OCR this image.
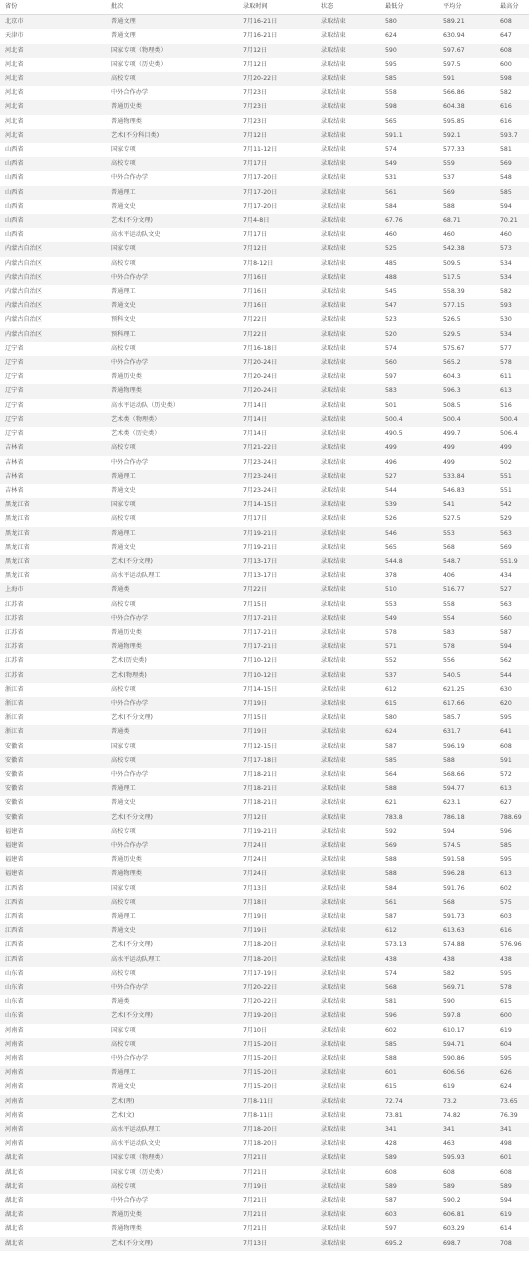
省份	批次	录取时间	状态	最低分	平均分	最高分
北京市	普通文理	7月16-21日	录取结束	580	589.21	608
天津市	普通文理	7月16-21日	录取结束	624	630.94	647
河北省	国家专项（物理类）	7月12日	录取结束	590	597.67	608
河北省	国家专项（历史类）	7月12日	录取结束	595	597.5	600
河北省	高校专项	7月20-22日	录取结束	585	591	598
河北省	中外合作办学	7月23日	录取结束	558	566.86	582
河北省	普通历史类	7月23日	录取结束	598	604.38	616
河北省	普通物理类	7月23日	录取结束	565	595.85	616
河北省	艺术(不分科目类)	7月12日	录取结束	591.1	592.1	593.7
山西省	国家专项	7月11-12日	录取结束	574	577.33	581
山西省	高校专项	7月17日	录取结束	549	559	569
山西省	中外合作办学	7月17-20日	录取结束	531	537	548
山西省	普通理工	7月17-20日	录取结束	561	569	585
山西省	普通文史	7月17-20日	录取结束	584	588	594
山西省	艺术(不分文理)	7月4-8日	录取结束	67.76	68.71	70.21
山西省	高水平运动队文史	7月17日	录取结束	460	460	460
内蒙古自治区	国家专项	7月12日	录取结束	525	542.38	573
内蒙古自治区	高校专项	7月8-12日	录取结束	485	509.5	534
内蒙古自治区	中外合作办学	7月16日	录取结束	488	517.5	534
内蒙古自治区	普通理工	7月16日	录取结束	545	558.39	582
内蒙古自治区	普通文史	7月16日	录取结束	547	577.15	593
内蒙古自治区	预科文史	7月22日	录取结束	523	526.5	530
内蒙古自治区	预科理工	7月22日	录取结束	520	529.5	534
辽宁省	高校专项	7月16-18日	录取结束	574	575.67	577
辽宁省	中外合作办学	7月20-24日	录取结束	560	565.2	578
辽宁省	普通历史类	7月20-24日	录取结束	597	604.3	611
辽宁省	普通物理类	7月20-24日	录取结束	583	596.3	613
辽宁省	高水平运动队（历史类）	7月14日	录取结束	501	508.5	516
辽宁省	艺术类（物理类）	7月14日	录取结束	500.4	500.4	500.4
辽宁省	艺术类（历史类）	7月14日	录取结束	490.5	499.7	506.4
吉林省	高校专项	7月21-22日	录取结束	499	499	499
吉林省	中外合作办学	7月23-24日	录取结束	496	499	502
吉林省	普通理工	7月23-24日	录取结束	527	533.84	551
吉林省	普通文史	7月23-24日	录取结束	544	546.83	551
黑龙江省	国家专项	7月14-15日	录取结束	539	541	542
黑龙江省	高校专项	7月17日	录取结束	526	527.5	529
黑龙江省	普通理工	7月19-21日	录取结束	546	553	563
黑龙江省	普通文史	7月19-21日	录取结束	565	568	569
黑龙江省	艺术(不分文理)	7月13-17日	录取结束	544.8	548.7	551.9
黑龙江省	高水平运动队理工	7月13-17日	录取结束	378	406	434
上海市	普通类	7月22日	录取结束	510	516.77	527
江苏省	高校专项	7月15日	录取结束	553	558	563
江苏省	中外合作办学	7月17-21日	录取结束	549	554	560
江苏省	普通历史类	7月17-21日	录取结束	578	583	587
江苏省	普通物理类	7月17-21日	录取结束	571	578	594
江苏省	艺术(历史类)	7月10-12日	录取结束	552	556	562
江苏省	艺术(物理类)	7月10-12日	录取结束	537	540.5	544
浙江省	高校专项	7月14-15日	录取结束	612	621.25	630
浙江省	中外合作办学	7月19日	录取结束	615	617.66	620
浙江省	艺术(不分文理)	7月15日	录取结束	580	585.7	595
浙江省	普通类	7月19日	录取结束	624	631.7	641
安徽省	国家专项	7月12-15日	录取结束	587	596.19	608
安徽省	高校专项	7月17-18日	录取结束	585	588	591
安徽省	中外合作办学	7月18-21日	录取结束	564	568.66	572
安徽省	普通理工	7月18-21日	录取结束	588	594.77	613
安徽省	普通文史	7月18-21日	录取结束	621	623.1	627
安徽省	艺术(不分文理)	7月12日	录取结束	783.8	786.18	788.69
福建省	高校专项	7月19-21日	录取结束	592	594	596
福建省	中外合作办学	7月24日	录取结束	569	574.5	585
福建省	普通历史类	7月24日	录取结束	588	591.58	595
福建省	普通物理类	7月24日	录取结束	588	596.28	613
江西省	国家专项	7月13日	录取结束	584	591.76	602
江西省	高校专项	7月18日	录取结束	561	568	575
江西省	普通理工	7月19日	录取结束	587	591.73	603
江西省	普通文史	7月19日	录取结束	612	613.63	616
江西省	艺术(不分文理)	7月18-20日	录取结束	573.13	574.88	576.96
江西省	高水平运动队理工	7月18-20日	录取结束	438	438	438
山东省	高校专项	7月17-19日	录取结束	574	582	595
山东省	中外合作办学	7月20-22日	录取结束	568	569.71	578
山东省	普通类	7月20-22日	录取结束	581	590	615
山东省	艺术(不分文理)	7月19-20日	录取结束	596	597.8	600
河南省	国家专项	7月10日	录取结束	602	610.17	619
河南省	高校专项	7月15-20日	录取结束	585	594.71	604
河南省	中外合作办学	7月15-20日	录取结束	588	590.86	595
河南省	普通理工	7月15-20日	录取结束	601	606.56	626
河南省	普通文史	7月15-20日	录取结束	615	619	624
河南省	艺术(理)	7月8-11日	录取结束	72.74	73.2	73.65
河南省	艺术(文)	7月8-11日	录取结束	73.81	74.82	76.39
河南省	高水平运动队理工	7月18-20日	录取结束	341	341	341
河南省	高水平运动队文史	7月18-20日	录取结束	428	463	498
湖北省	国家专项（物理类）	7月21日	录取结束	589	595.93	601
湖北省	国家专项（历史类）	7月21日	录取结束	608	608	608
湖北省	高校专项	7月19日	录取结束	589	589	589
湖北省	中外合作办学	7月21日	录取结束	587	590.2	594
湖北省	普通历史类	7月21日	录取结束	603	606.81	619
湖北省	普通物理类	7月21日	录取结束	597	603.29	614
湖北省	艺术(不分文理)	7月13日	录取结束	695.2	698.7	708
